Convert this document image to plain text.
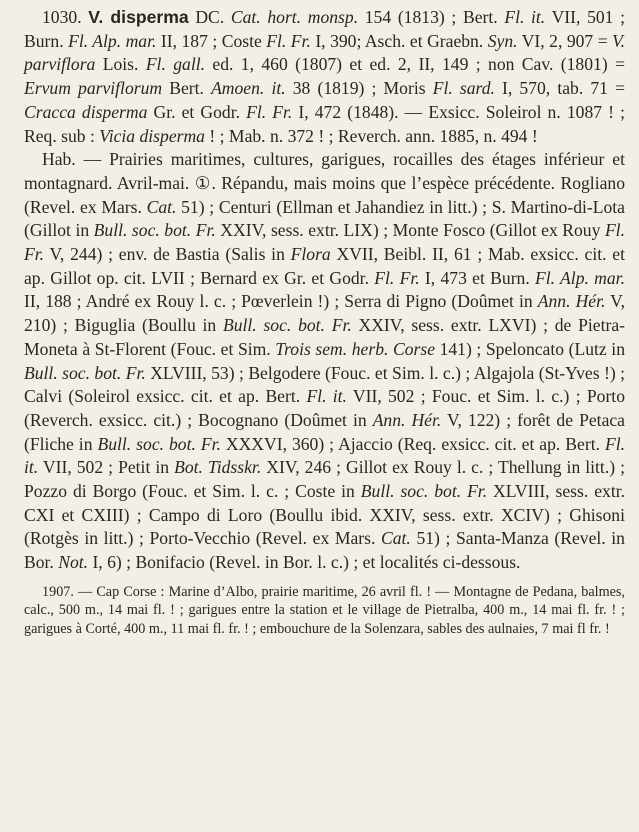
1030. V. disperma DC. Cat. hort. monsp. 154 (1813) ; Bert. Fl. it. VII, 501 ; Burn. Fl. Alp. mar. II, 187 ; Coste Fl. Fr. I, 390; Asch. et Graebn. Syn. VI, 2, 907 = V. parviflora Lois. Fl. gall. ed. 1, 460 (1807) et ed. 2, II, 149 ; non Cav. (1801) = Ervum parviflorum Bert. Amoen. it. 38 (1819) ; Moris Fl. sard. I, 570, tab. 71 = Cracca disperma Gr. et Godr. Fl. Fr. I, 472 (1848). — Exsicc. Soleirol n. 1087 ! ; Req. sub : Vicia disperma ! ; Mab. n. 372 ! ; Reverch. ann. 1885, n. 494 !

Hab. — Prairies maritimes, cultures, garigues, rocailles des étages inférieur et montagnard. Avril-mai. ①. Répandu, mais moins que l’espèce précédente. Rogliano (Revel. ex Mars. Cat. 51) ; Centuri (Ellman et Jahandiez in litt.) ; S. Martino-di-Lota (Gillot in Bull. soc. bot. Fr. XXIV, sess. extr. LIX) ; Monte Fosco (Gillot ex Rouy Fl. Fr. V, 244) ; env. de Bastia (Salis in Flora XVII, Beibl. II, 61 ; Mab. exsicc. cit. et ap. Gillot op. cit. LVII ; Bernard ex Gr. et Godr. Fl. Fr. I, 473 et Burn. Fl. Alp. mar. II, 188 ; André ex Rouy l. c. ; Pœverlein !) ; Serra di Pigno (Doûmet in Ann. Hér. V, 210) ; Biguglia (Boullu in Bull. soc. bot. Fr. XXIV, sess. extr. LXVI) ; de Pietra-Moneta à St-Florent (Fouc. et Sim. Trois sem. herb. Corse 141) ; Speloncato (Lutz in Bull. soc. bot. Fr. XLVIII, 53) ; Belgodere (Fouc. et Sim. l. c.) ; Algajola (St-Yves !) ; Calvi (Soleirol exsicc. cit. et ap. Bert. Fl. it. VII, 502 ; Fouc. et Sim. l. c.) ; Porto (Reverch. exsicc. cit.) ; Bocognano (Doûmet in Ann. Hér. V, 122) ; forêt de Petaca (Fliche in Bull. soc. bot. Fr. XXXVI, 360) ; Ajaccio (Req. exsicc. cit. et ap. Bert. Fl. it. VII, 502 ; Petit in Bot. Tidsskr. XIV, 246 ; Gillot ex Rouy l. c. ; Thellung in litt.) ; Pozzo di Borgo (Fouc. et Sim. l. c. ; Coste in Bull. soc. bot. Fr. XLVIII, sess. extr. CXI et CXIII) ; Campo di Loro (Boullu ibid. XXIV, sess. extr. XCIV) ; Ghisoni (Rotgès in litt.) ; Porto-Vecchio (Revel. ex Mars. Cat. 51) ; Santa-Manza (Revel. in Bor. Not. I, 6) ; Bonifacio (Revel. in Bor. l. c.) ; et localités ci-dessous.

1907. — Cap Corse : Marine d’Albo, prairie maritime, 26 avril fl. ! — Montagne de Pedana, balmes, calc., 500 m., 14 mai fl. ! ; garigues entre la station et le village de Pietralba, 400 m., 14 mai fl. fr. ! ; garigues à Corté, 400 m., 11 mai fl. fr. ! ; embouchure de la Solenzara, sables des aulnaies, 7 mai fl fr. !
